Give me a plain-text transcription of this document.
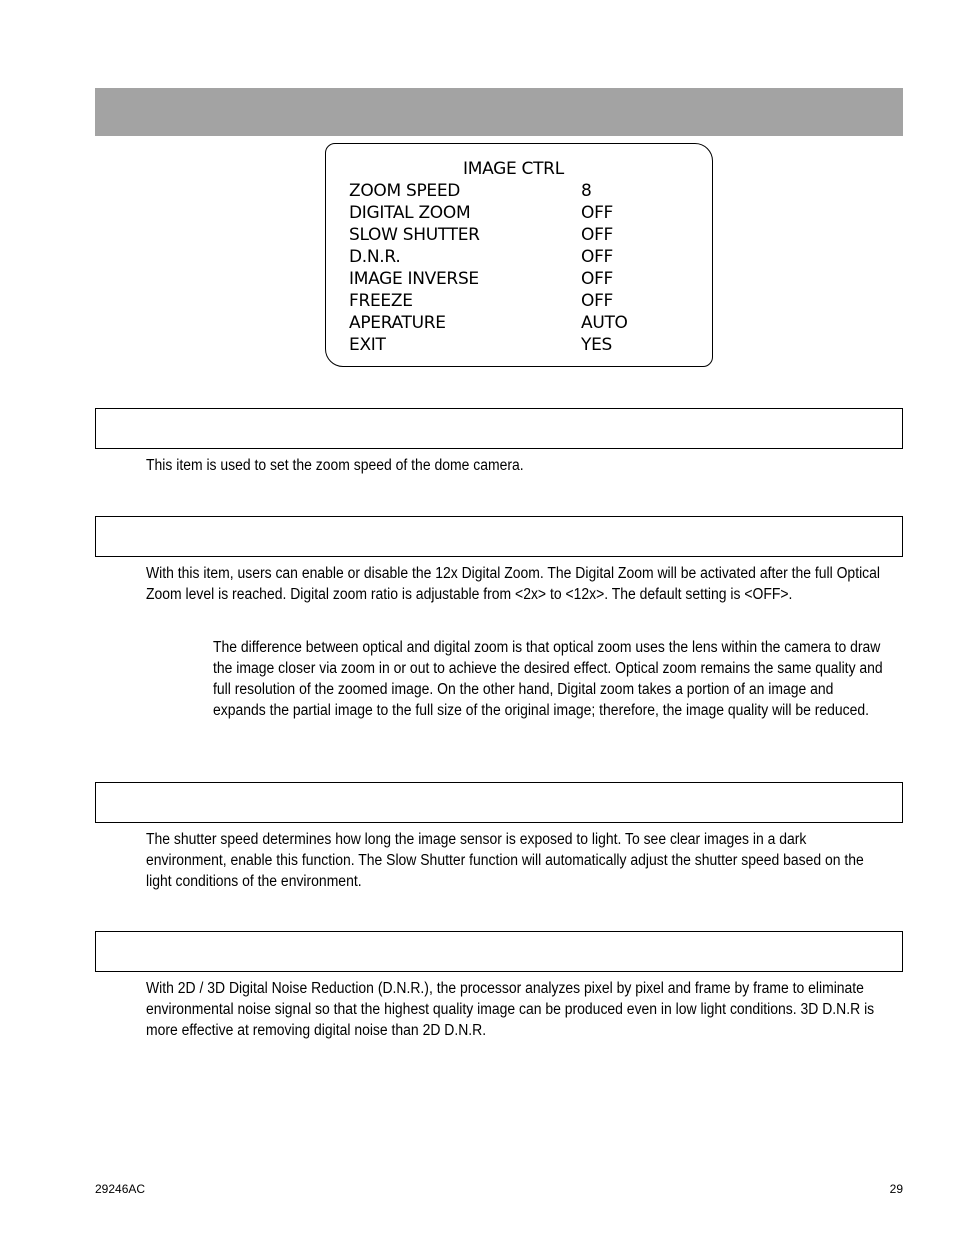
IMAGE CTRL
ZOOM SPEED	8
DIGITAL ZOOM	OFF
SLOW SHUTTER	OFF
D.N.R.	OFF
IMAGE INVERSE	OFF
FREEZE	OFF
APERATURE	AUTO
EXIT	YES
This item is used to set the zoom speed of the dome camera.
With this item, users can enable or disable the 12x Digital Zoom. The Digital Zoom will be activated after the full Optical Zoom level is reached. Digital zoom ratio is adjustable from <2x> to <12x>. The default setting is <OFF>.
The difference between optical and digital zoom is that optical zoom uses the lens within the camera to draw the image closer via zoom in or out to achieve the desired effect. Optical zoom remains the same quality and full resolution of the zoomed image. On the other hand, Digital zoom takes a portion of an image and expands the partial image to the full size of the original image; therefore, the image quality will be reduced.
The shutter speed determines how long the image sensor is exposed to light. To see clear images in a dark environment, enable this function. The Slow Shutter function will automatically adjust the shutter speed based on the light conditions of the environment.
With 2D / 3D Digital Noise Reduction (D.N.R.), the processor analyzes pixel by pixel and frame by frame to eliminate environmental noise signal so that the highest quality image can be produced even in low light conditions. 3D D.N.R is more effective at removing digital noise than 2D D.N.R.
29246AC	29
